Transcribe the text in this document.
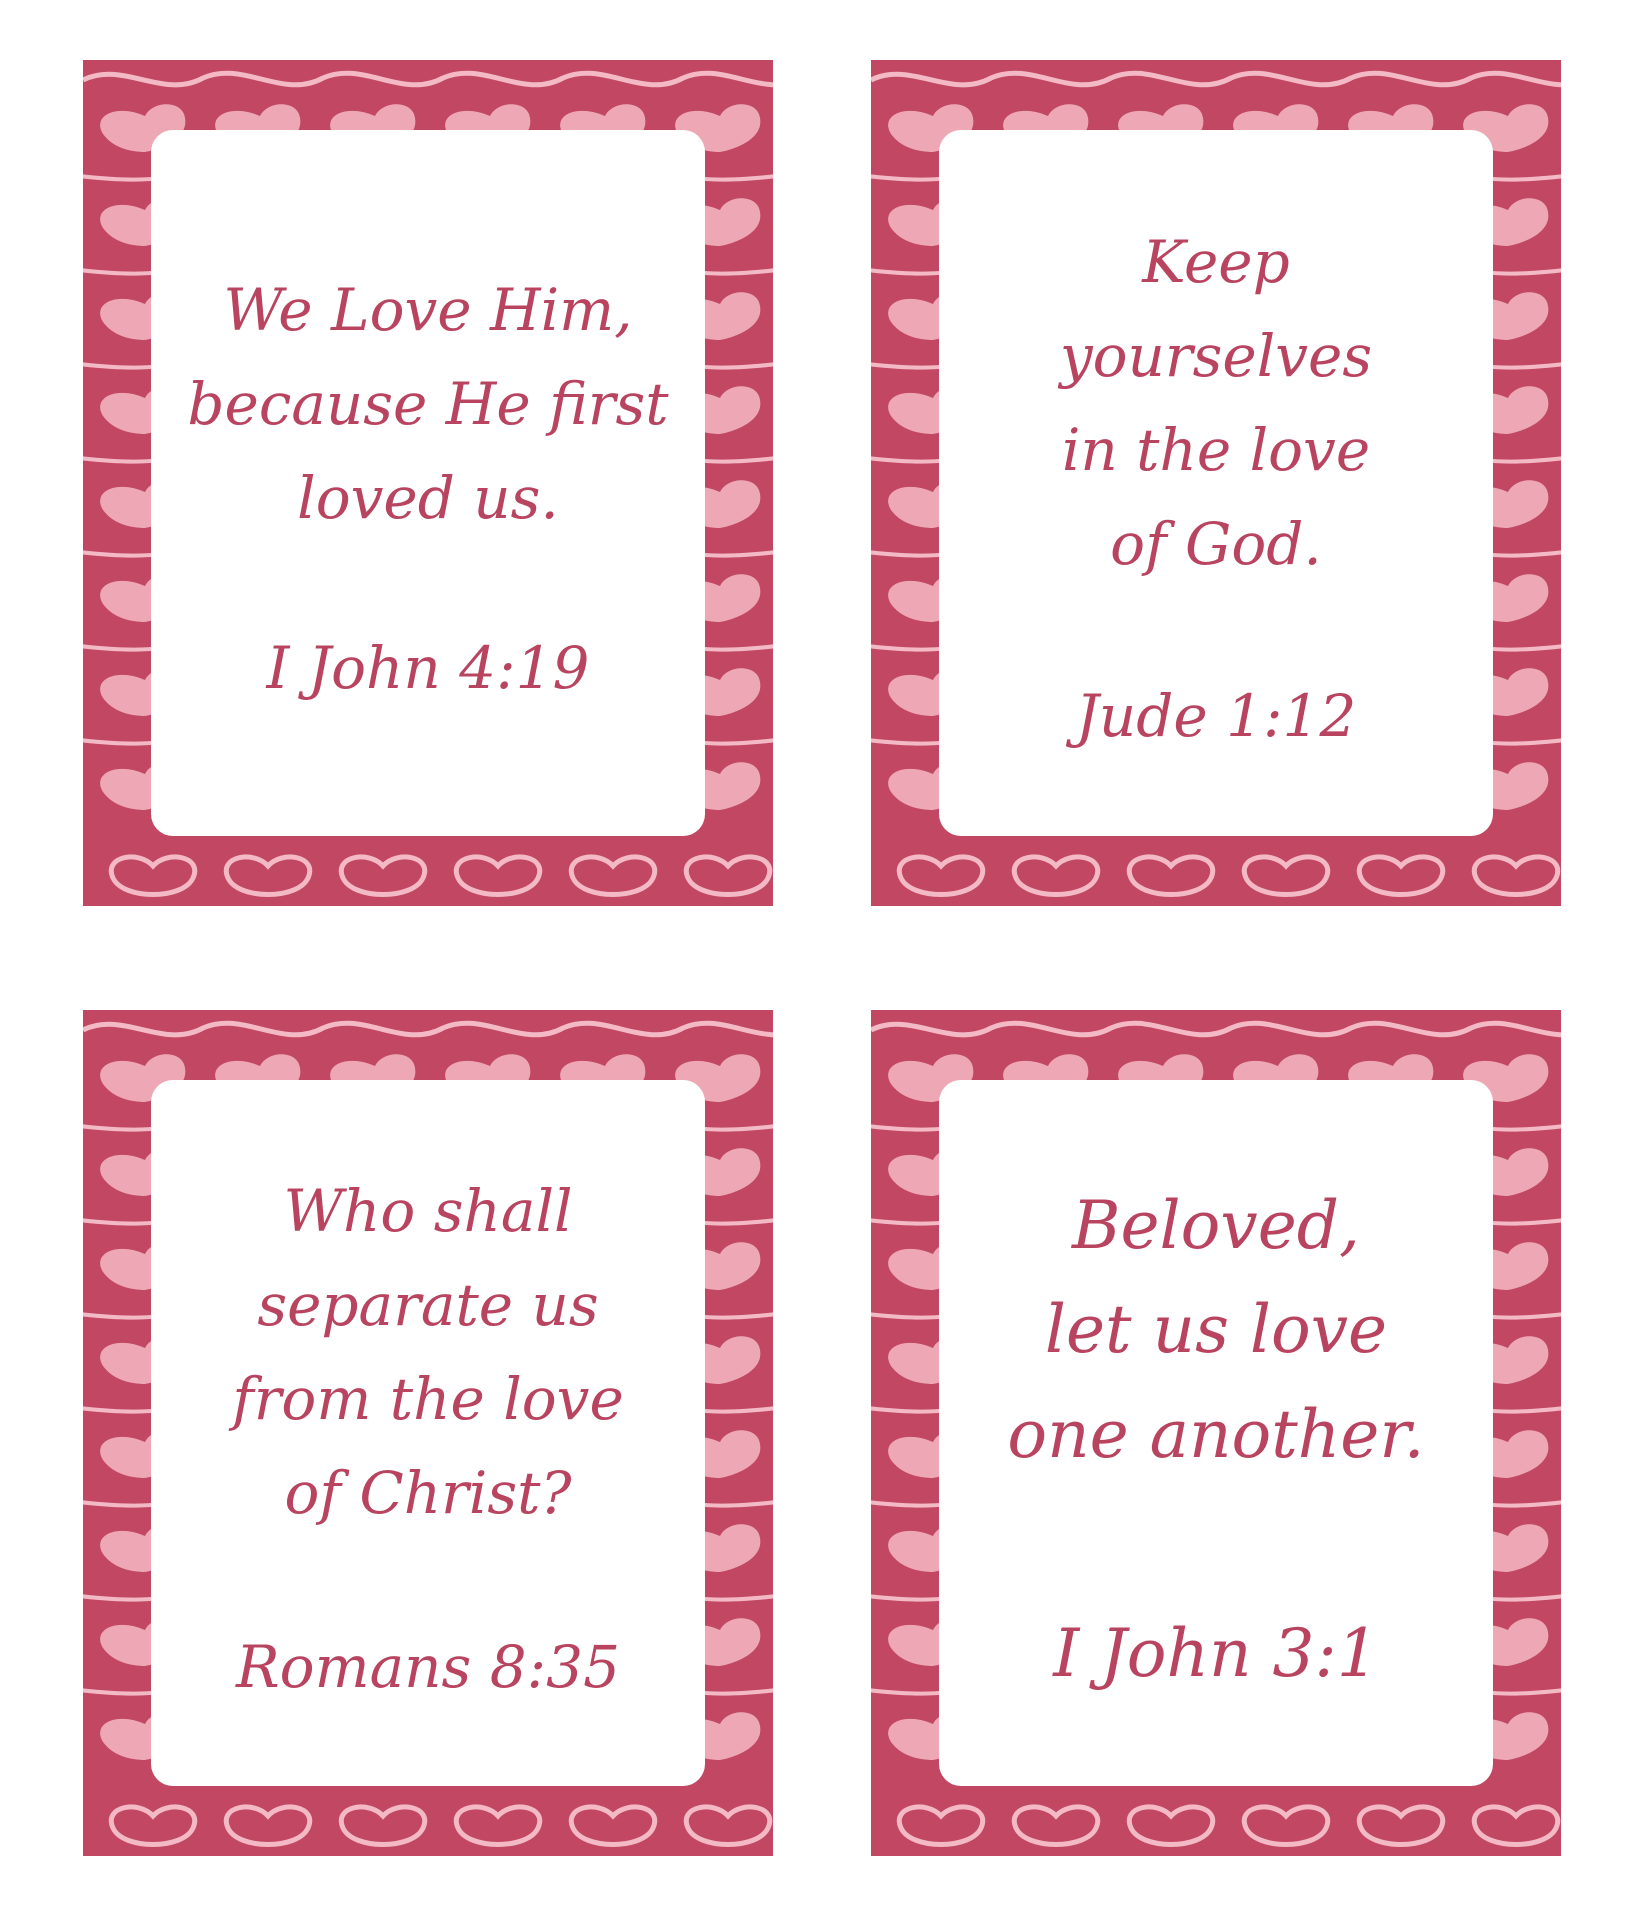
We Love Him,
because He first
loved us.
I John 4:19
Keep
yourselves
in the love
of God.
Jude 1:12
Who shall
separate us
from the love
of Christ?
Romans 8:35
Beloved,
let us love
one another.
I John 3:1
